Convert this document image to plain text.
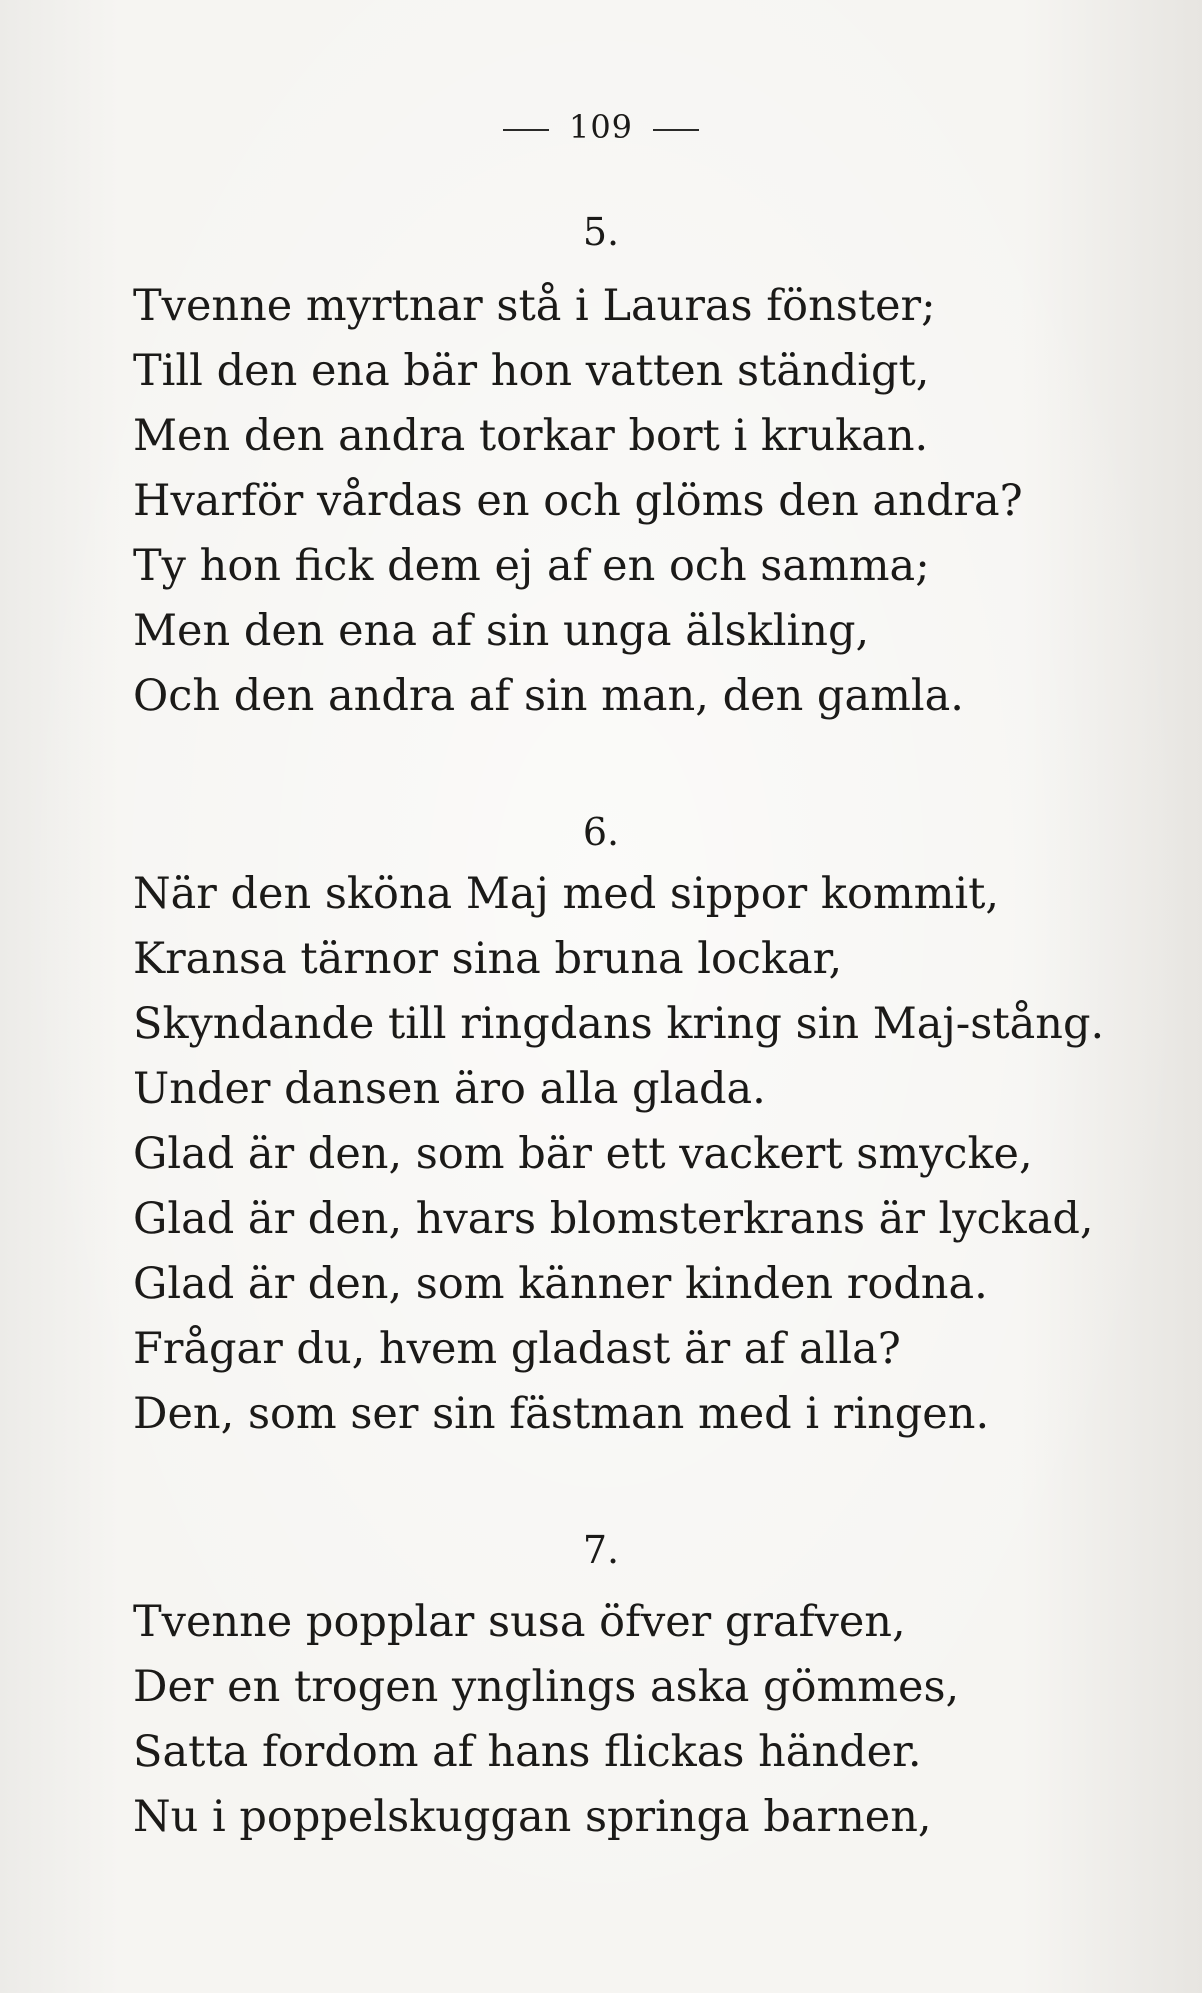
109
5.
Tvenne myrtnar stå i Lauras fönster;
Till den ena bär hon vatten ständigt,
Men den andra torkar bort i krukan.
Hvarför vårdas en och glöms den andra?
Ty hon fick dem ej af en och samma;
Men den ena af sin unga älskling,
Och den andra af sin man, den gamla.
6.
När den sköna Maj med sippor kommit,
Kransa tärnor sina bruna lockar,
Skyndande till ringdans kring sin Maj-stång.
Under dansen äro alla glada.
Glad är den, som bär ett vackert smycke,
Glad är den, hvars blomsterkrans är lyckad,
Glad är den, som känner kinden rodna.
Frågar du, hvem gladast är af alla?
Den, som ser sin fästman med i ringen.
7.
Tvenne popplar susa öfver grafven,
Der en trogen ynglings aska gömmes,
Satta fordom af hans flickas händer.
Nu i poppelskuggan springa barnen,
